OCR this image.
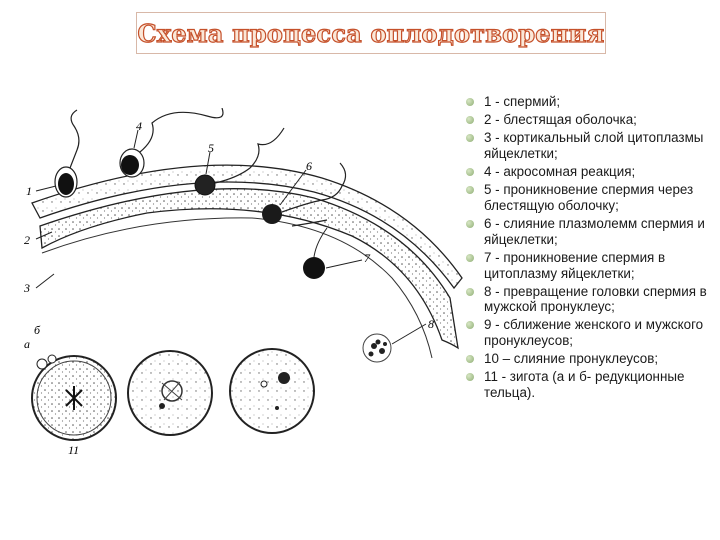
Схема процесса оплодотворения
1
2
3
4
5
6
7
8
а
б
11
1 - спермий;
2 - блестящая оболочка;
3 - кортикальный слой цитоплазмы яйцеклетки;
4 - акросомная реакция;
5 - проникновение спермия через блестящую оболочку;
6 - слияние плазмолемм спермия и яйцеклетки;
7 - проникновение спермия в цитоплазму яйцеклетки;
8 - превращение головки спермия в мужской пронуклеус;
9 - сближение женского и мужского пронуклеусов;
10 – слияние пронуклеусов;
11 - зигота (а и б- редукционные тельца).
